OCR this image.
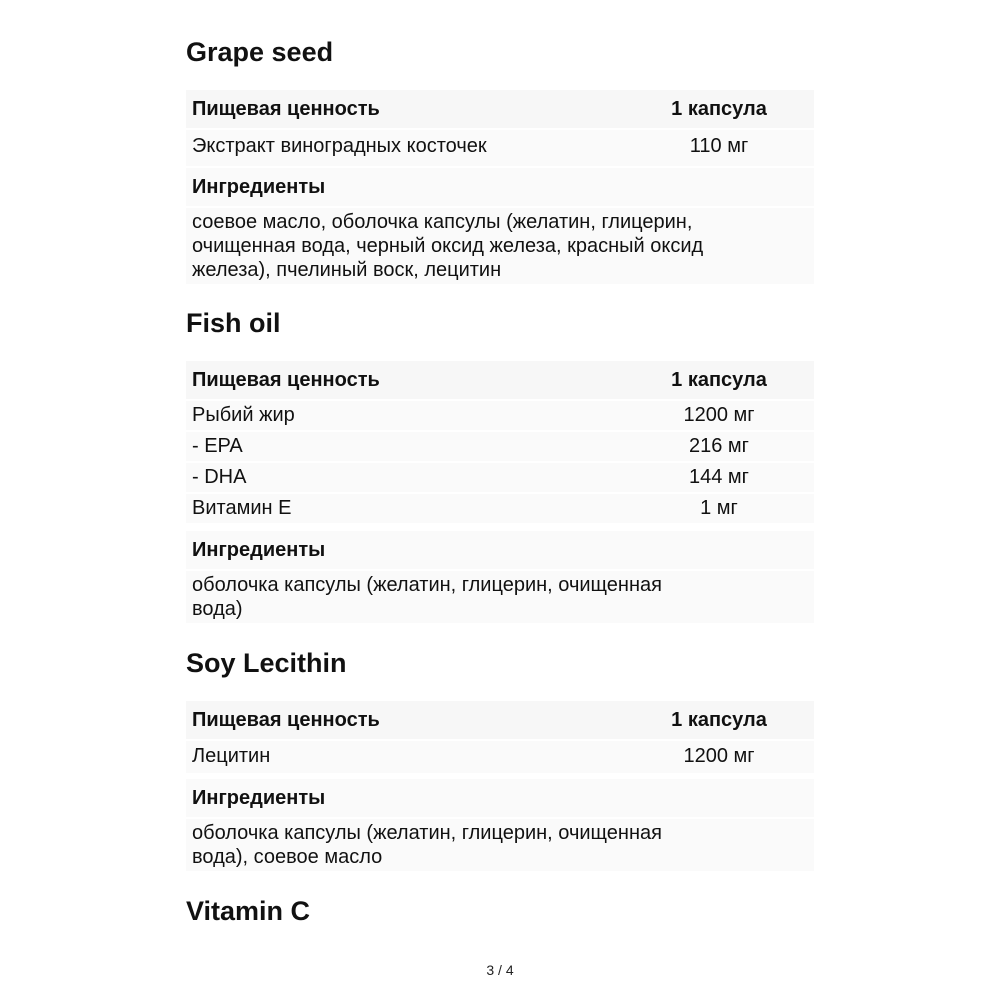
Grape seed
Пищевая ценность	1 капсула
Экстракт виноградных косточек	110 мг
Ингредиенты
соевое масло, оболочка капсулы (желатин, глицерин,
очищенная вода, черный оксид железа, красный оксид
железа), пчелиный воск, лецитин
Fish oil
Пищевая ценность	1 капсула
Рыбий жир	1200 мг
- EPA	216 мг
- DHA	144 мг
Витамин E	1 мг
Ингредиенты
оболочка капсулы (желатин, глицерин, очищенная
вода)
Soy Lecithin
Пищевая ценность	1 капсула
Лецитин	1200 мг
Ингредиенты
оболочка капсулы (желатин, глицерин, очищенная
вода), соевое масло
Vitamin C
3 / 4
